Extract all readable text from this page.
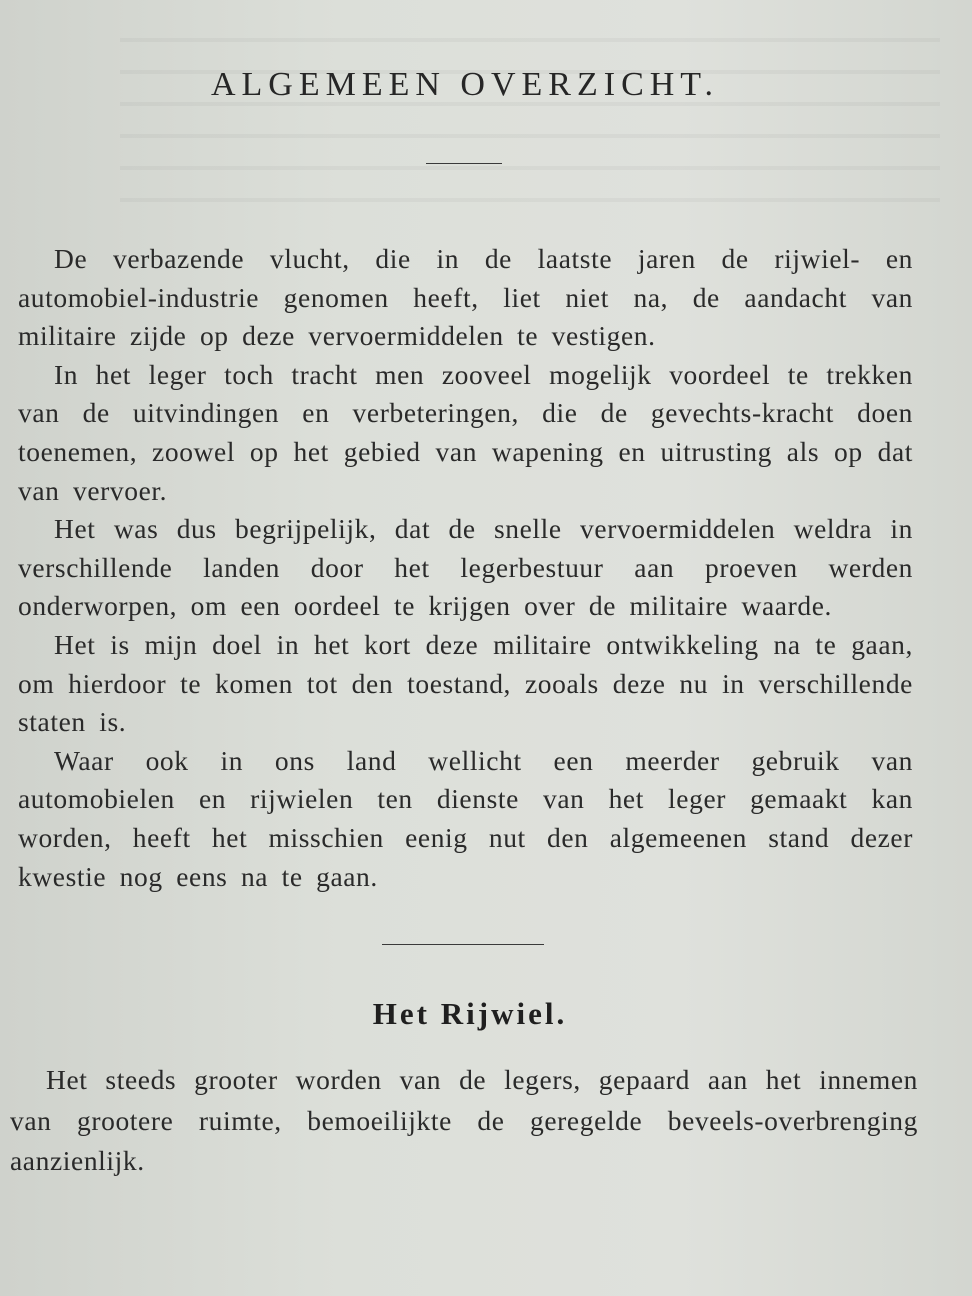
ALGEMEEN OVERZICHT.

De verbazende vlucht, die in de laatste jaren de rijwiel- en automobiel-industrie genomen heeft, liet niet na, de aandacht van militaire zijde op deze vervoermiddelen te vestigen.

In het leger toch tracht men zooveel mogelijk voordeel te trekken van de uitvindingen en verbeteringen, die de gevechts-kracht doen toenemen, zoowel op het gebied van wapening en uitrusting als op dat van vervoer.

Het was dus begrijpelijk, dat de snelle vervoermiddelen weldra in verschillende landen door het legerbestuur aan proeven werden onderworpen, om een oordeel te krijgen over de militaire waarde.

Het is mijn doel in het kort deze militaire ontwikkeling na te gaan, om hierdoor te komen tot den toestand, zooals deze nu in verschillende staten is.

Waar ook in ons land wellicht een meerder gebruik van automobielen en rijwielen ten dienste van het leger gemaakt kan worden, heeft het misschien eenig nut den algemeenen stand dezer kwestie nog eens na te gaan.

Het Rijwiel.

Het steeds grooter worden van de legers, gepaard aan het innemen van grootere ruimte, bemoeilijkte de geregelde beveels-overbrenging aanzienlijk.
